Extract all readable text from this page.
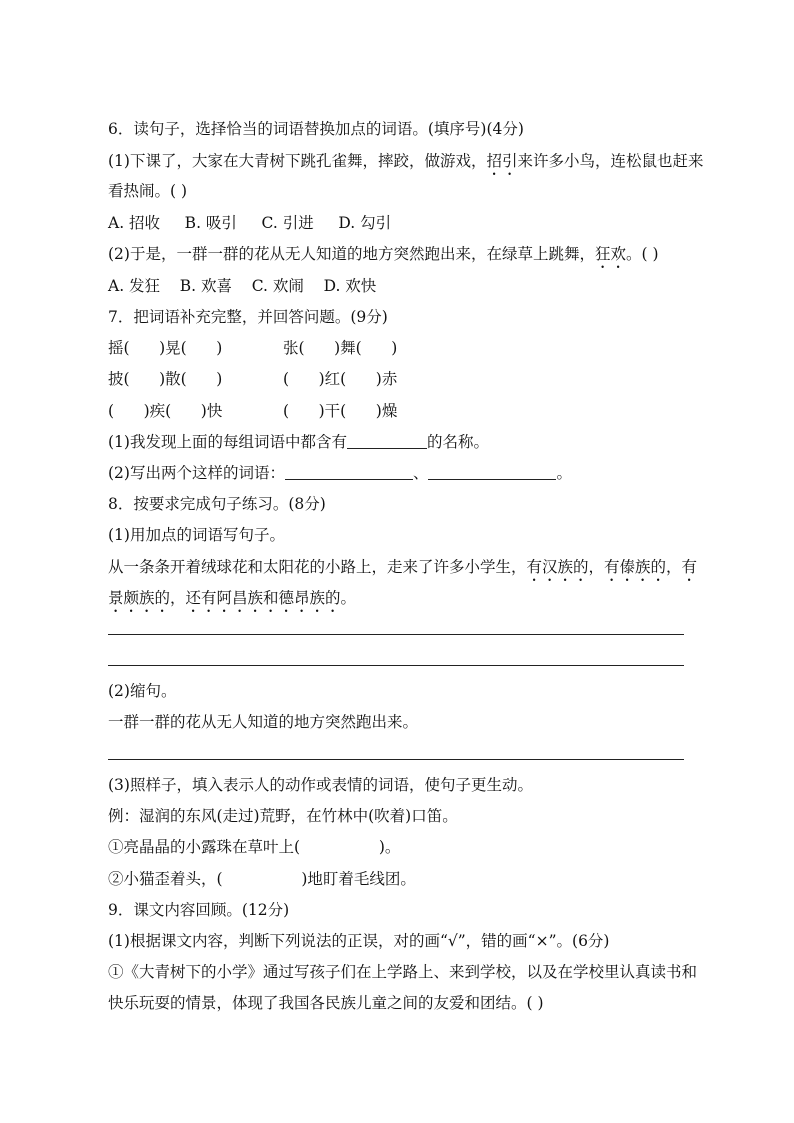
6．读句子，选择恰当的词语替换加点的词语。(填序号)(4分)
(1)下课了，大家在大青树下跳孔雀舞，摔跤，做游戏，招引来许多小鸟，连松鼠也赶来
看热闹。( )
A. 招收     B. 吸引     C. 引进     D. 勾引
(2)于是，一群一群的花从无人知道的地方突然跑出来，在绿草上跳舞，狂欢。( )
A. 发狂    B. 欢喜    C. 欢闹    D. 欢快
7．把词语补充完整，并回答问题。(9分)
摇(      )晃(      )	张(      )舞(      )
披(      )散(      )	(      )红(      )赤
(      )疾(      )快	(      )干(      )燥
(1)我发现上面的每组词语中都含有	的名称。
(2)写出两个这样的词语：	、	。
8．按要求完成句子练习。(8分)
(1)用加点的词语写句子。
从一条条开着绒球花和太阳花的小路上，走来了许多小学生，有汉族的，有傣族的，有
景颇族的，还有阿昌族和德昂族的。
(2)缩句。
一群一群的花从无人知道的地方突然跑出来。
(3)照样子，填入表示人的动作或表情的词语，使句子更生动。
例：湿润的东风(走过)荒野，在竹林中(吹着)口笛。
①亮晶晶的小露珠在草叶上(                )。
②小猫歪着头，(                )地盯着毛线团。
9．课文内容回顾。(12分)
(1)根据课文内容，判断下列说法的正误，对的画“√”，错的画“×”。(6分)
①《大青树下的小学》通过写孩子们在上学路上、来到学校，以及在学校里认真读书和
快乐玩耍的情景，体现了我国各民族儿童之间的友爱和团结。( )
